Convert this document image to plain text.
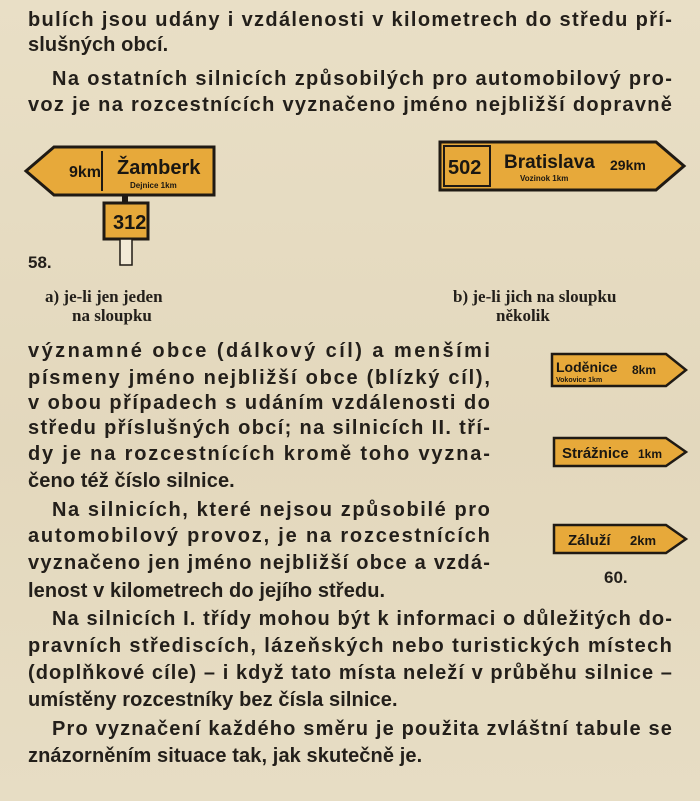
bulích jsou udány i vzdálenosti v kilometrech do středu pří-
slušných obcí.
Na ostatních silnicích způsobilých pro automobilový pro-
voz je na rozcestnících vyznačeno jméno nejbližší dopravně
9km Žamberk
Dejnice 1km
312
58.
502 Bratislava 29km
Vozinok 1km
a) je-li jen jeden
na sloupku
b) je-li jich na sloupku
několik
významné obce (dálkový cíl) a menšími
písmeny jméno nejbližší obce (blízký cíl),
v obou případech s udáním vzdálenosti do
středu příslušných obcí; na silnicích II. tří-
dy je na rozcestnících kromě toho vyzna-
čeno též číslo silnice.
Na silnicích, které nejsou způsobilé pro
automobilový provoz, je na rozcestnících
vyznačeno jen jméno nejbližší obce a vzdá-
lenost v kilometrech do jejího středu.
Loděnice 8km
Vokovice 1km
Strážnice 1km
Záluží 2km
60.
Na silnicích I. třídy mohou být k informaci o důležitých do-
pravních střediscích, lázeňských nebo turistických místech
(doplňkové cíle) – i když tato místa neleží v průběhu silnice –
umístěny rozcestníky bez čísla silnice.
Pro vyznačení každého směru je použita zvláštní tabule se
znázorněním situace tak, jak skutečně je.
